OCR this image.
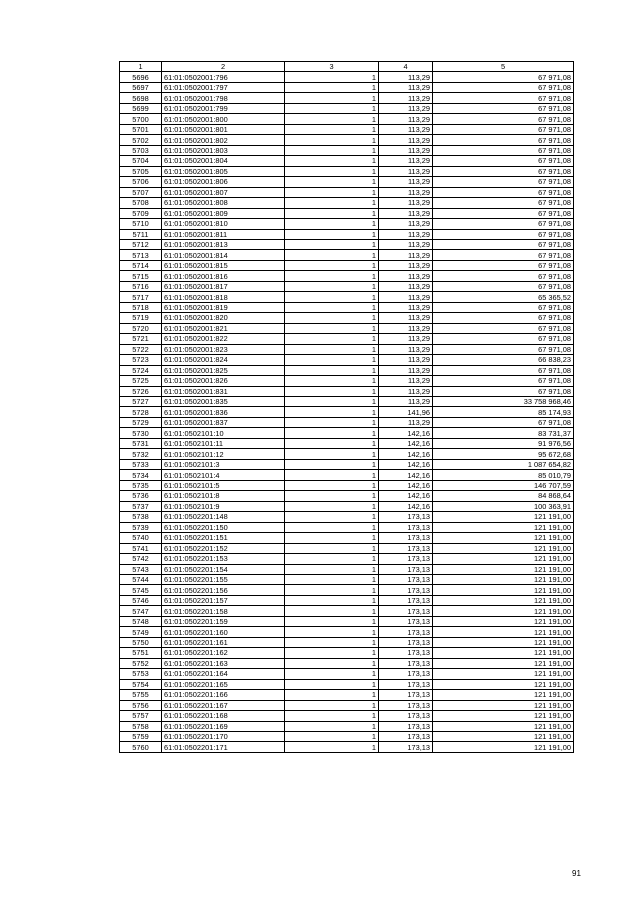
1	2	3	4	5
5696	61:01:0502001:796	1	113,29	67 971,08
5697	61:01:0502001:797	1	113,29	67 971,08
5698	61:01:0502001:798	1	113,29	67 971,08
5699	61:01:0502001:799	1	113,29	67 971,08
5700	61:01:0502001:800	1	113,29	67 971,08
5701	61:01:0502001:801	1	113,29	67 971,08
5702	61:01:0502001:802	1	113,29	67 971,08
5703	61:01:0502001:803	1	113,29	67 971,08
5704	61:01:0502001:804	1	113,29	67 971,08
5705	61:01:0502001:805	1	113,29	67 971,08
5706	61:01:0502001:806	1	113,29	67 971,08
5707	61:01:0502001:807	1	113,29	67 971,08
5708	61:01:0502001:808	1	113,29	67 971,08
5709	61:01:0502001:809	1	113,29	67 971,08
5710	61:01:0502001:810	1	113,29	67 971,08
5711	61:01:0502001:811	1	113,29	67 971,08
5712	61:01:0502001:813	1	113,29	67 971,08
5713	61:01:0502001:814	1	113,29	67 971,08
5714	61:01:0502001:815	1	113,29	67 971,08
5715	61:01:0502001:816	1	113,29	67 971,08
5716	61:01:0502001:817	1	113,29	67 971,08
5717	61:01:0502001:818	1	113,29	65 365,52
5718	61:01:0502001:819	1	113,29	67 971,08
5719	61:01:0502001:820	1	113,29	67 971,08
5720	61:01:0502001:821	1	113,29	67 971,08
5721	61:01:0502001:822	1	113,29	67 971,08
5722	61:01:0502001:823	1	113,29	67 971,08
5723	61:01:0502001:824	1	113,29	66 838,23
5724	61:01:0502001:825	1	113,29	67 971,08
5725	61:01:0502001:826	1	113,29	67 971,08
5726	61:01:0502001:831	1	113,29	67 971,08
5727	61:01:0502001:835	1	113,29	33 758 968,46
5728	61:01:0502001:836	1	141,96	85 174,93
5729	61:01:0502001:837	1	113,29	67 971,08
5730	61:01:0502101:10	1	142,16	83 731,37
5731	61:01:0502101:11	1	142,16	91 976,56
5732	61:01:0502101:12	1	142,16	95 672,68
5733	61:01:0502101:3	1	142,16	1 087 654,82
5734	61:01:0502101:4	1	142,16	85 010,79
5735	61:01:0502101:5	1	142,16	146 707,59
5736	61:01:0502101:8	1	142,16	84 868,64
5737	61:01:0502101:9	1	142,16	100 363,91
5738	61:01:0502201:148	1	173,13	121 191,00
5739	61:01:0502201:150	1	173,13	121 191,00
5740	61:01:0502201:151	1	173,13	121 191,00
5741	61:01:0502201:152	1	173,13	121 191,00
5742	61:01:0502201:153	1	173,13	121 191,00
5743	61:01:0502201:154	1	173,13	121 191,00
5744	61:01:0502201:155	1	173,13	121 191,00
5745	61:01:0502201:156	1	173,13	121 191,00
5746	61:01:0502201:157	1	173,13	121 191,00
5747	61:01:0502201:158	1	173,13	121 191,00
5748	61:01:0502201:159	1	173,13	121 191,00
5749	61:01:0502201:160	1	173,13	121 191,00
5750	61:01:0502201:161	1	173,13	121 191,00
5751	61:01:0502201:162	1	173,13	121 191,00
5752	61:01:0502201:163	1	173,13	121 191,00
5753	61:01:0502201:164	1	173,13	121 191,00
5754	61:01:0502201:165	1	173,13	121 191,00
5755	61:01:0502201:166	1	173,13	121 191,00
5756	61:01:0502201:167	1	173,13	121 191,00
5757	61:01:0502201:168	1	173,13	121 191,00
5758	61:01:0502201:169	1	173,13	121 191,00
5759	61:01:0502201:170	1	173,13	121 191,00
5760	61:01:0502201:171	1	173,13	121 191,00
91
